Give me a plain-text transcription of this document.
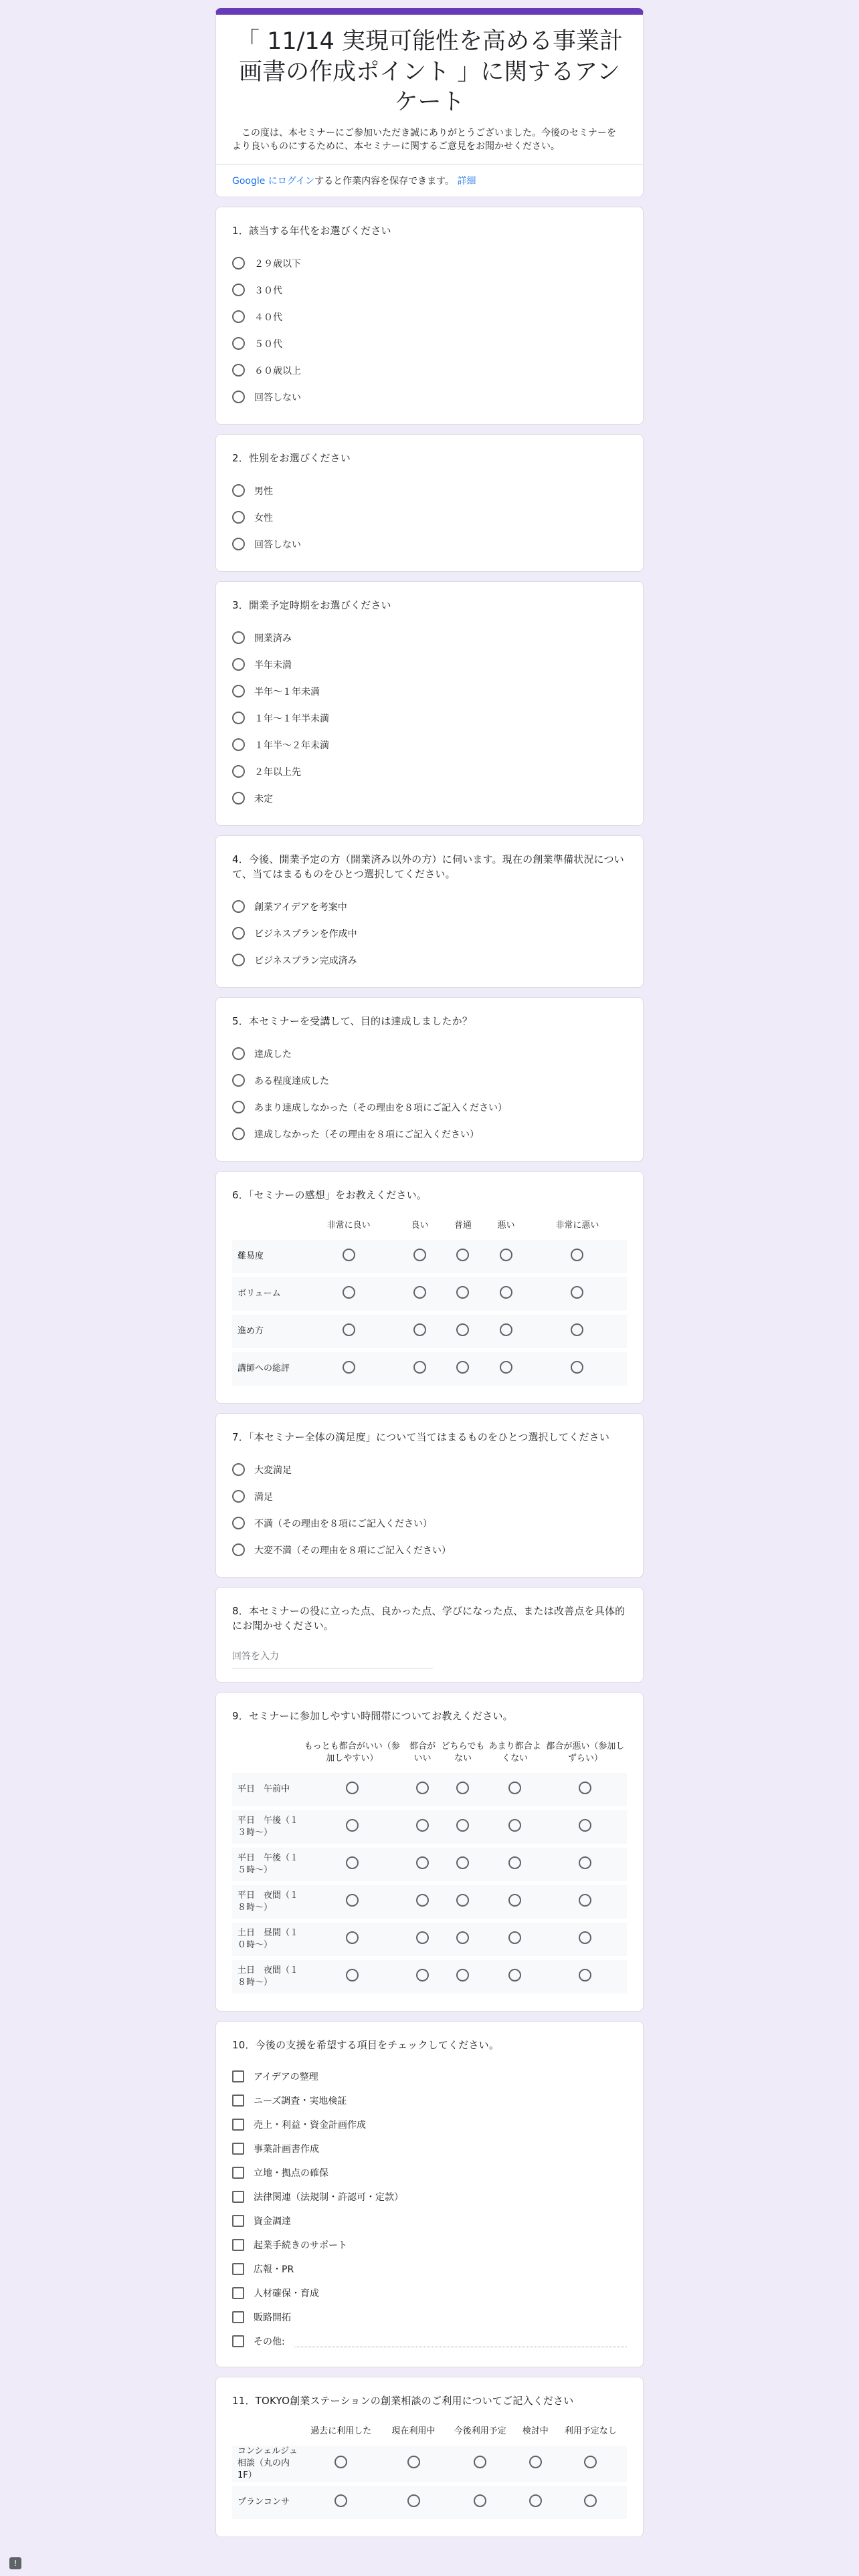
「 11/14 実現可能性を高める事業計画書の作成ポイント 」に関するアンケート

この度は、本セミナーにご参加いただき誠にありがとうございました。今後のセミナーを より良いものにするために、本セミナーに関するご意見をお聞かせください。

Google にログインすると作業内容を保存できます。 詳細
1．該当する年代をお選びください
２９歳以下
３０代
４０代
５０代
６０歳以上
回答しない
2．性別をお選びください
男性
女性
回答しない
3．開業予定時期をお選びください
開業済み
半年未満
半年〜１年未満
１年〜１年半未満
１年半〜２年未満
２年以上先
未定
4．今後、開業予定の方（開業済み以外の方）に伺います。現在の創業準備状況について、当てはまるものをひとつ選択してください。
創業アイデアを考案中
ビジネスプランを作成中
ビジネスプラン完成済み
5．本セミナーを受講して、目的は達成しましたか？
達成した
ある程度達成した
あまり達成しなかった（その理由を８項にご記入ください）
達成しなかった（その理由を８項にご記入ください）
6．「セミナーの感想」をお教えください。
	非常に良い	良い	普通	悪い	非常に悪い
難易度					
ボリューム					
進め方					
講師への総評					
7．「本セミナー全体の満足度」について当てはまるものをひとつ選択してください
大変満足
満足
不満（その理由を８項にご記入ください）
大変不満（その理由を８項にご記入ください）
8．本セミナーの役に立った点、良かった点、学びになった点、または改善点を具体的にお聞かせください。
回答を入力
9．セミナーに参加しやすい時間帯についてお教えください。
	もっとも都合がいい（参加しやすい）	都合がいい	どちらでもない	あまり都合よくない	都合が悪い（参加しずらい）
平日　午前中					
平日　午後（１３時〜）					
平日　午後（１５時〜）					
平日　夜間（１８時〜）					
土日　昼間（１０時〜）					
土日　夜間（１８時〜）					
10．今後の支援を希望する項目をチェックしてください。
アイデアの整理
ニーズ調査・実地検証
売上・利益・資金計画作成
事業計画書作成
立地・拠点の確保
法律関連（法規制・許認可・定款）
資金調達
起業手続きのサポート
広報・PR
人材確保・育成
販路開拓
その他:
11．TOKYO創業ステーションの創業相談のご利用についてご記入ください
	過去に利用した	現在利用中	今後利用予定	検討中	利用予定なし
コンシェルジュ相談（丸の内1F）					
プランコンサ					
!
